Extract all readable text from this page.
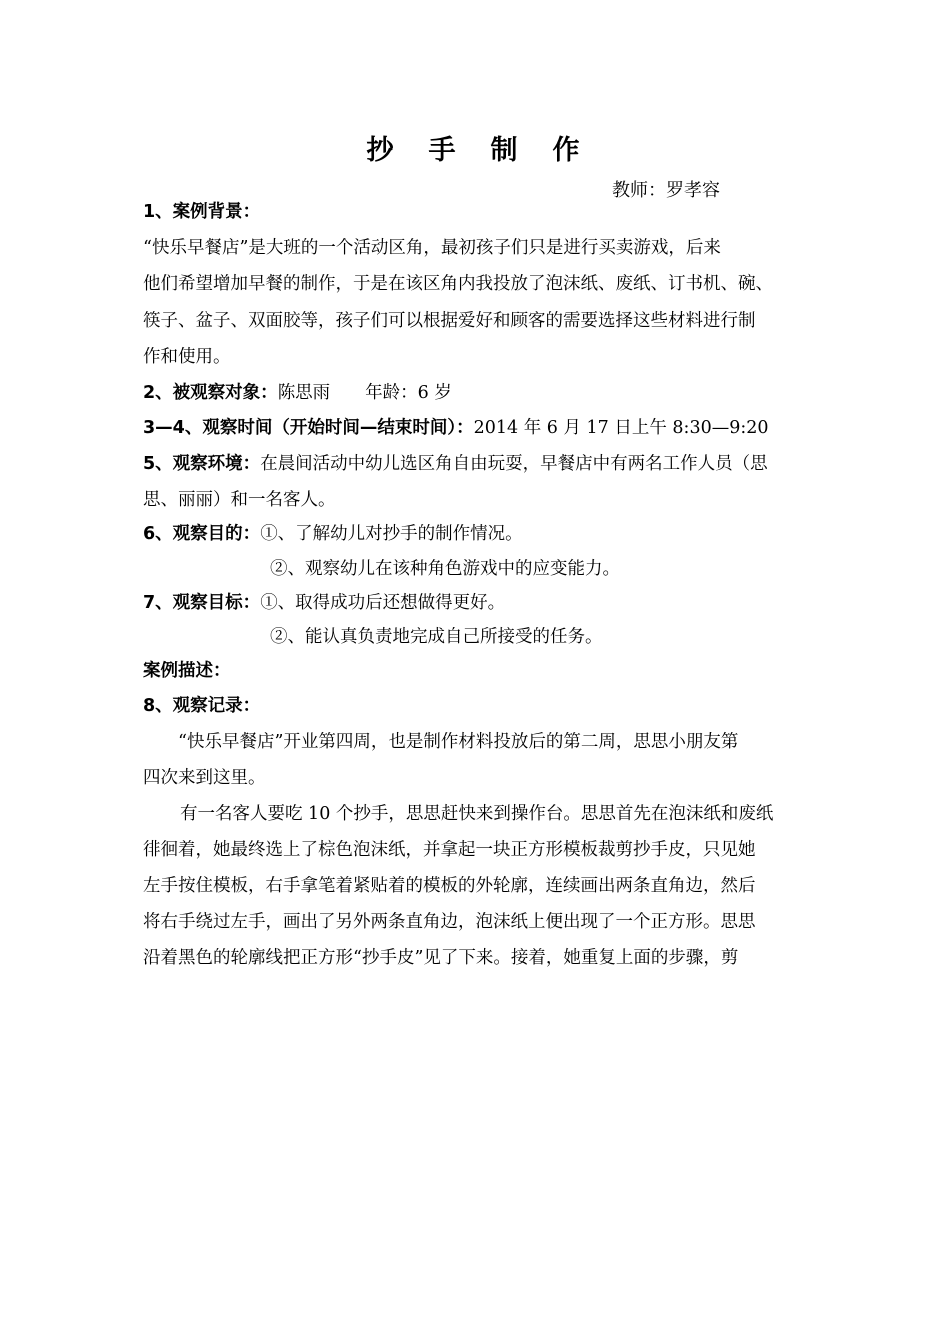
抄　手　制　作
教师：罗孝容
1、案例背景：
“快乐早餐店”是大班的一个活动区角，最初孩子们只是进行买卖游戏，后来
他们希望增加早餐的制作，于是在该区角内我投放了泡沫纸、废纸、订书机、碗、
筷子、盆子、双面胶等，孩子们可以根据爱好和顾客的需要选择这些材料进行制
作和使用。
2、被观察对象：陈思雨　　年龄：6 岁
3—4、观察时间（开始时间—结束时间）：2014 年 6 月 17 日上午 8:30—9:20
5、观察环境：在晨间活动中幼儿选区角自由玩耍，早餐店中有两名工作人员（思
思、丽丽）和一名客人。
6、观察目的：①、了解幼儿对抄手的制作情况。
②、观察幼儿在该种角色游戏中的应变能力。
7、观察目标：①、取得成功后还想做得更好。
②、能认真负责地完成自己所接受的任务。
案例描述：
8、观察记录：
“快乐早餐店”开业第四周，也是制作材料投放后的第二周，思思小朋友第
四次来到这里。
有一名客人要吃 10 个抄手，思思赶快来到操作台。思思首先在泡沫纸和废纸
徘徊着，她最终选上了棕色泡沫纸，并拿起一块正方形模板裁剪抄手皮，只见她
左手按住模板，右手拿笔着紧贴着的模板的外轮廓，连续画出两条直角边，然后
将右手绕过左手，画出了另外两条直角边，泡沫纸上便出现了一个正方形。思思
沿着黑色的轮廓线把正方形“抄手皮”见了下来。接着，她重复上面的步骤，剪
